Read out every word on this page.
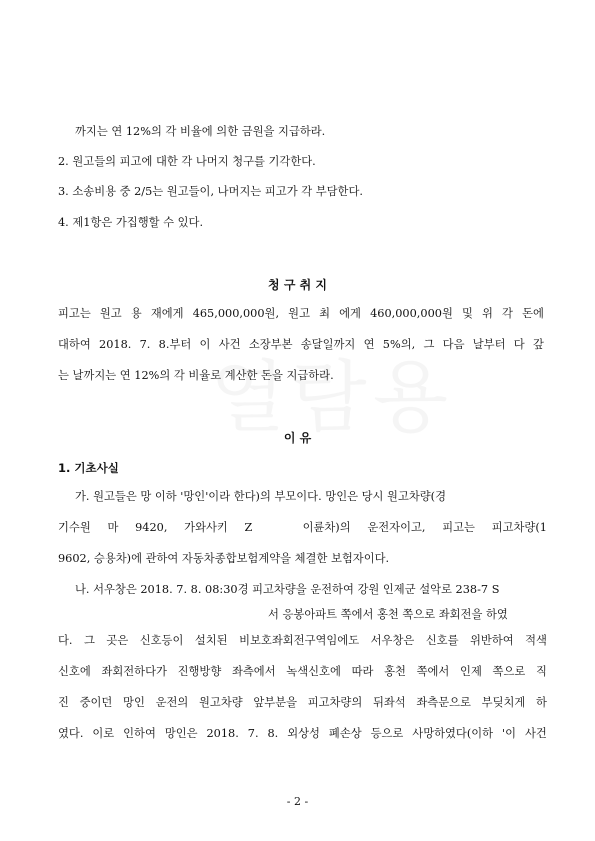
까지는 연 12%의 각 비율에 의한 금원을 지급하라.
2. 원고들의 피고에 대한 각 나머지 청구를 기각한다.
3. 소송비용 중 2/5는 원고들이, 나머지는 피고가 각 부담한다.
4. 제1항은 가집행할 수 있다.
청 구 취 지
피고는 원고 용 재에게 465,000,000원, 원고 최 에게 460,000,000원 및 위 각 돈에
대하여 2018. 7. 8.부터 이 사건 소장부본 송달일까지 연 5%의, 그 다음 날부터 다 갚
는 날까지는 연 12%의 각 비율로 계산한 돈을 지급하라.
이 유
1. 기초사실
가. 원고들은 망 이하 '망인'이라 한다)의 부모이다. 망인은 당시 원고차량(경
기수원 마 9420, 가와사키 Z	이륜차)의 운전자이고, 피고는 피고차량(1
9602, 승용차)에 관하여 자동차종합보험계약을 체결한 보험자이다.
나. 서우창은 2018. 7. 8. 08:30경 피고차량을 운전하여 강원 인제군 설악로 238-7 S
서 응봉아파트 쪽에서 홍천 쪽으로 좌회전을 하였
다. 그 곳은 신호등이 설치된 비보호좌회전구역임에도 서우창은 신호를 위반하여 적색
신호에 좌회전하다가 진행방향 좌측에서 녹색신호에 따라 홍천 쪽에서 인제 쪽으로 직
진 중이던 망인 운전의 원고차량 앞부분을 피고차량의 뒤좌석 좌측문으로 부딪치게 하
였다. 이로 인하여 망인은 2018. 7. 8. 외상성 폐손상 등으로 사망하였다(이하 '이 사건
- 2 -
